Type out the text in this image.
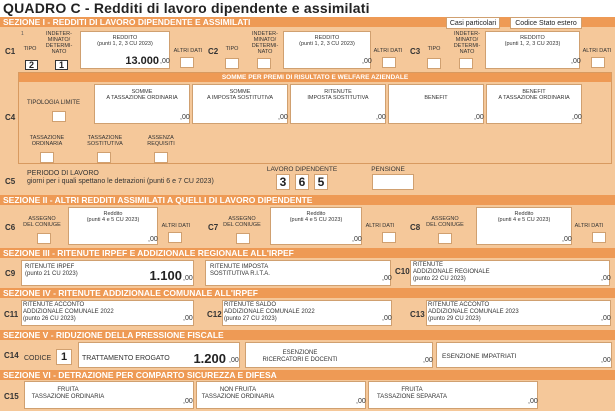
QUADRO C - Redditi di lavoro dipendente e assimilati
SEZIONE I - REDDITI DI LAVORO DIPENDENTE E ASSIMILATI	Casi particolari	Codice Stato estero
C1
1
TIPO
2
INDETER-
MINATO/
DETERMI-
NATO
1
REDDITO
(punti 1, 2, 3 CU 2023)
13.000 ,00
ALTRI DATI C2	TIPO
INDETER-
MINATO/
DETERMI-
NATO
REDDITO
(punti 1, 2, 3 CU 2023)
,00
ALTRI DATI C3	TIPO
INDETER-
MINATO/
DETERMI-
NATO
REDDITO
(punti 1, 2, 3 CU 2023)
,00
ALTRI DATI
SOMME PER PREMI DI RISULTATO E WELFARE AZIENDALE
C4
TIPOLOGIA LIMITE
SOMME
A TASSAZIONE ORDINARIA
,00
SOMME
A IMPOSTA SOSTITUTIVA
,00
RITENUTE
IMPOSTA SOSTITUTIVA
,00
BENEFIT
,00
BENEFIT
A TASSAZIONE ORDINARIA
,00
TASSAZIONE
ORDINARIA
TASSAZIONE
SOSTITUTIVA
ASSENZA
REQUISITI
C5
PERIODO DI LAVORO
giorni per i quali spettano le detrazioni (punti 6 e 7 CU 2023)
LAVORO DIPENDENTE
3	6	5
PENSIONE
SEZIONE II - ALTRI REDDITI ASSIMILATI A QUELLI DI LAVORO DIPENDENTE
C6
ASSEGNO
DEL CONIUGE
Reddito
(punti 4 e 5 CU 2023)
,00
ALTRI DATI C7
ASSEGNO
DEL CONIUGE
Reddito
(punti 4 e 5 CU 2023)
,00
ALTRI DATI C8
ASSEGNO
DEL CONIUGE
Reddito
(punti 4 e 5 CU 2023)
,00
ALTRI DATI
SEZIONE III - RITENUTE IRPEF E ADDIZIONALE REGIONALE ALL'IRPEF
C9
RITENUTE IRPEF
(punto 21 CU 2023)	1.100 ,00
RITENUTE IMPOSTA
SOSTITUTIVA R.I.T.A.
,00
C10
RITENUTE
ADDIZIONALE REGIONALE
(punto 22 CU 2023)	,00
SEZIONE IV - RITENUTE ADDIZIONALE COMUNALE ALL'IRPEF
C11
RITENUTE ACCONTO
ADDIZIONALE COMUNALE 2022
(punto 26 CU 2023)	,00 C12
RITENUTE SALDO
ADDIZIONALE COMUNALE 2022
(punto 27 CU 2023)	,00 C13
RITENUTE ACCONTO
ADDIZIONALE COMUNALE 2023
(punto 29 CU 2023)	,00
SEZIONE V - RIDUZIONE DELLA PRESSIONE FISCALE
C14 CODICE 1	TRATTAMENTO EROGATO	1.200 ,00
ESENZIONE
RICERCATORI E DOCENTI	,00
ESENZIONE IMPATRIATI
,00
SEZIONE VI - DETRAZIONE PER COMPARTO SICUREZZA E DIFESA
C15
FRUITA
TASSAZIONE ORDINARIA
,00
NON FRUITA
TASSAZIONE ORDINARIA
,00
FRUITA
TASSAZIONE SEPARATA
,00
